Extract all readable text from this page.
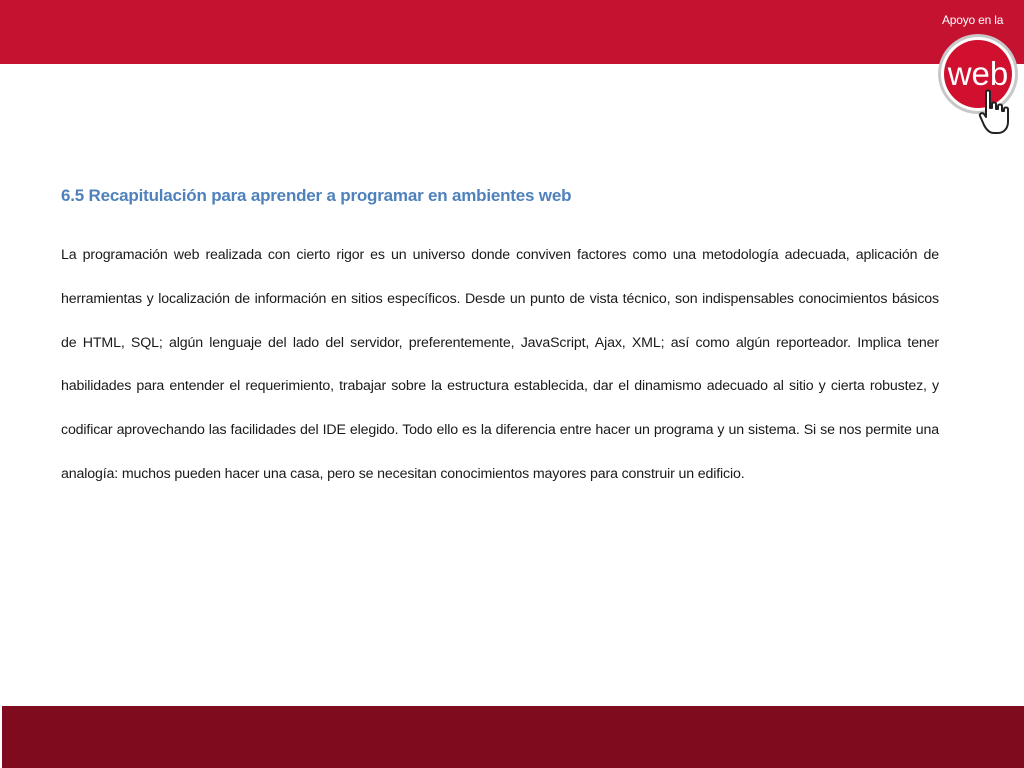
Apoyo en la
web
6.5 Recapitulación para aprender a programar en ambientes web

La programación web realizada con cierto rigor es un universo donde conviven factores como una metodología adecuada, aplicación de herramientas y localización de información en sitios específicos. Desde un punto de vista técnico, son indispensables conocimientos básicos de HTML, SQL; algún lenguaje del lado del servidor, preferentemente, JavaScript, Ajax, XML; así como algún reporteador. Implica tener habilidades para entender el requerimiento, trabajar sobre la estructura establecida, dar el dinamismo adecuado al sitio y cierta robustez, y codificar aprovechando las facilidades del IDE elegido. Todo ello es la diferencia entre hacer un programa y un sistema. Si se nos permite una analogía: muchos pueden hacer una casa, pero se necesitan conocimientos mayores para construir un edificio.
